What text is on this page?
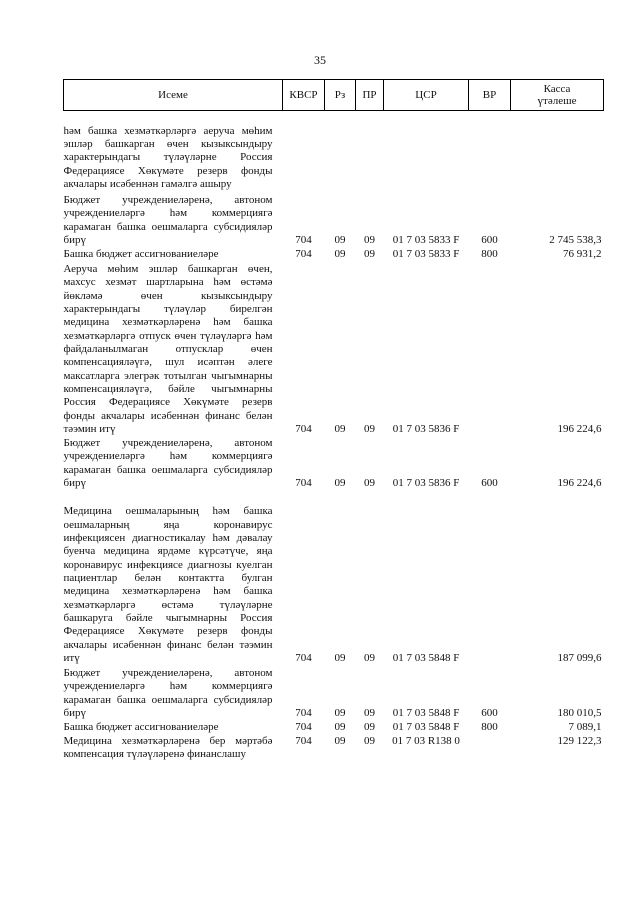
35
Исеме	КВСР	Рз	ПР	ЦСР	ВР	Касса
үтәлеше

һәм башка хезмәткәрләргә аеруча мөһим эшләр башкарган өчен кызыксындыру характерындагы түләүләрне Россия Федерациясе Хөкүмәте резерв фонды акчалары исәбеннән гамәлгә ашыру						
Бюджет учреждениеләренә, автоном учреждениеләргә һәм коммерциягә карамаган башка оешмаларга субсидияләр бирү	704	09	09	01 7 03 5833 F	600	2 745 538,3
Башка бюджет ассигнованиеләре	704	09	09	01 7 03 5833 F	800	76 931,2
Аеруча мөһим эшләр башкарган өчен, махсус хезмәт шартларына һәм өстәмә йөкләмә өчен кызыксындыру характерындагы түләүләр бирелгән медицина хезмәткәрләренә һәм башка хезмәткәрләргә отпуск өчен түләүләргә һәм файдаланылмаган отпусклар өчен компенсацияләүгә, шул исәптән әлеге максатларга элегрәк тотылган чыгымнарны компенсацияләүгә, бәйле чыгымнарны Россия Федерациясе Хөкүмәте резерв фонды акчалары исәбеннән финанс белән тәэмин итү	704	09	09	01 7 03 5836 F		196 224,6
Бюджет учреждениеләренә, автоном учреждениеләргә һәм коммерциягә карамаган башка оешмаларга субсидияләр бирү	704	09	09	01 7 03 5836 F	600	196 224,6
Медицина оешмаларының һәм башка оешмаларның яңа коронавирус инфекциясен диагностикалау һәм дәвалау буенча медицина ярдәме күрсәтүче, яңа коронавирус инфекциясе диагнозы куелган пациентлар белән контактта булган медицина хезмәткәрләренә һәм башка хезмәткәрләргә өстәмә түләүләрне башкаруга бәйле чыгымнарны Россия Федерациясе Хөкүмәте резерв фонды акчалары исәбеннән финанс белән тәэмин итү	704	09	09	01 7 03 5848 F		187 099,6
Бюджет учреждениеләренә, автоном учреждениеләргә һәм коммерциягә карамаган башка оешмаларга субсидияләр бирү	704	09	09	01 7 03 5848 F	600	180 010,5
Башка бюджет ассигнованиеләре	704	09	09	01 7 03 5848 F	800	7 089,1
Медицина хезмәткәрләренә бер мәртәбә компенсация түләүләренә финанслашу	704	09	09	01 7 03 R138 0		129 122,3
